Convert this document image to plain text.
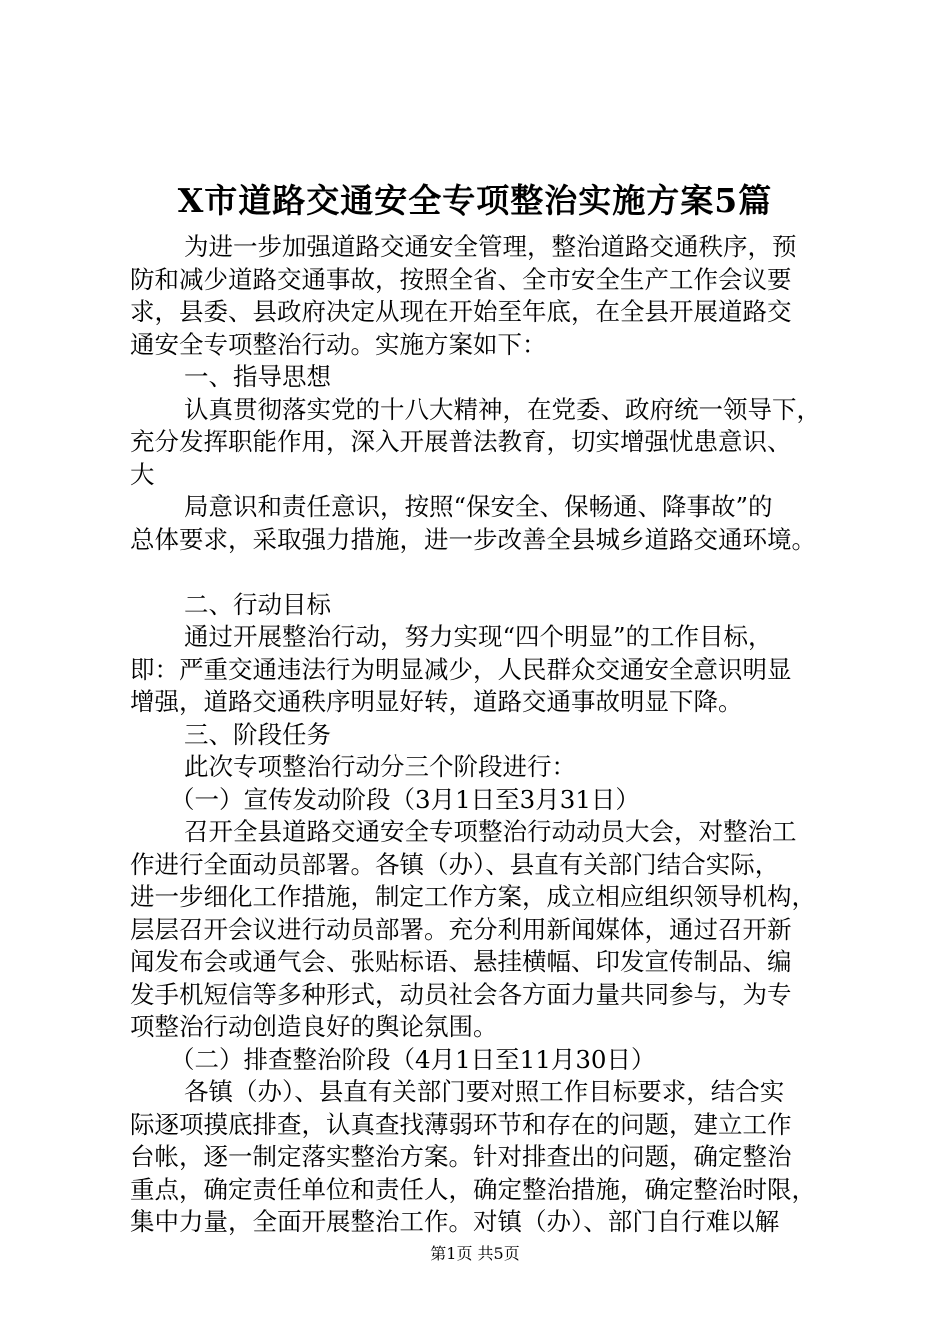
X市道路交通安全专项整治实施方案5篇
为进一步加强道路交通安全管理，整治道路交通秩序，预
防和减少道路交通事故，按照全省、全市安全生产工作会议要
求，县委、县政府决定从现在开始至年底，在全县开展道路交
通安全专项整治行动。实施方案如下：
一、指导思想
认真贯彻落实党的十八大精神，在党委、政府统一领导下，
充分发挥职能作用，深入开展普法教育，切实增强忧患意识、
大
局意识和责任意识，按照“保安全、保畅通、降事故”的
总体要求，采取强力措施，进一步改善全县城乡道路交通环境。
二、行动目标
通过开展整治行动，努力实现“四个明显”的工作目标，
即：严重交通违法行为明显减少，人民群众交通安全意识明显
增强，道路交通秩序明显好转，道路交通事故明显下降。
三、阶段任务
此次专项整治行动分三个阶段进行：
（一）宣传发动阶段（3月1日至3月31日）
召开全县道路交通安全专项整治行动动员大会，对整治工
作进行全面动员部署。各镇（办）、县直有关部门结合实际，
进一步细化工作措施，制定工作方案，成立相应组织领导机构，
层层召开会议进行动员部署。充分利用新闻媒体，通过召开新
闻发布会或通气会、张贴标语、悬挂横幅、印发宣传制品、编
发手机短信等多种形式，动员社会各方面力量共同参与，为专
项整治行动创造良好的舆论氛围。
（二）排查整治阶段（4月1日至11月30日）
各镇（办）、县直有关部门要对照工作目标要求，结合实
际逐项摸底排查，认真查找薄弱环节和存在的问题，建立工作
台帐，逐一制定落实整治方案。针对排查出的问题，确定整治
重点，确定责任单位和责任人，确定整治措施，确定整治时限，
集中力量，全面开展整治工作。对镇（办）、部门自行难以解
第1页 共5页
